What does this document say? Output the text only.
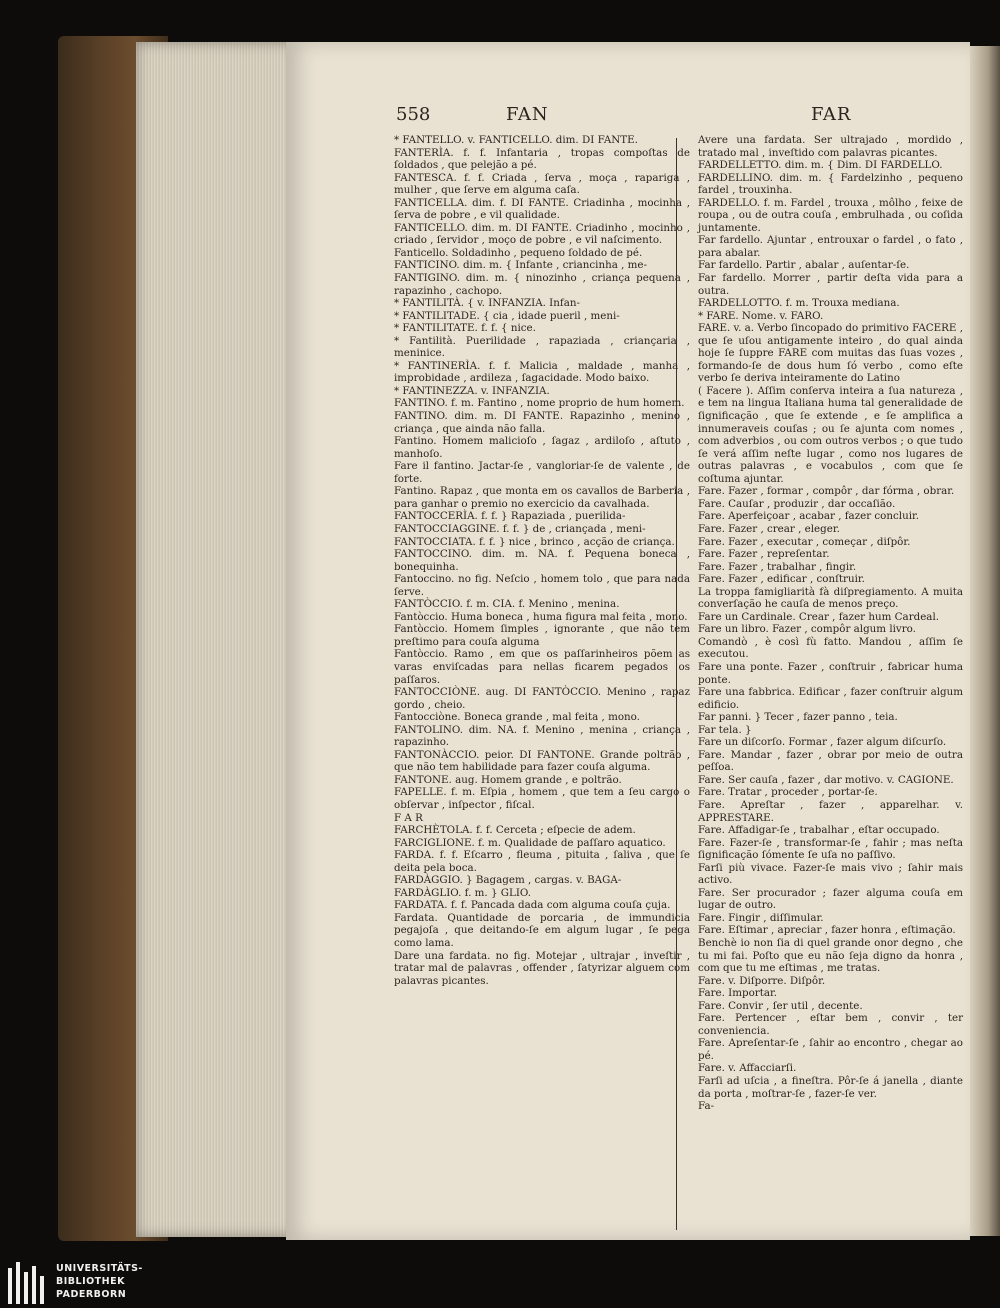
558	FAN	FAR

* FANTELLO. v. FANTICELLO. dim. DI FANTE.

FANTERÌA. f. f. Infantaria , tropas compoſtas de ſoldados , que pelejão a pé.

FANTESCA. f. f. Criada , ſerva , moça , rapariga , mulher , que ſerve em alguma caſa.

FANTICELLA. dim. f. DI FANTE. Criadinha , mocinha , ſerva de pobre , e vil qualidade.

FANTICELLO. dim. m. DI FANTE. Criadinho , mocinho , criado , ſervidor , moço de pobre , e vil naſcimento.

Fanticello. Soldadinho , pequeno ſoldado de pé.

FANTICINO. dim. m. { Infante , criancinha , me-

FANTIGINO. dim. m. { ninozinho , criança pequena , rapazinho , cachopo.

* FANTILITÀ. { v. INFANZIA. Infan-

* FANTILITADE. { cia , idade pueril , meni-

* FANTILITATE. f. f. { nice.

* Fantilità. Puerilidade , rapaziada , criançaria , meninice.

* FANTINERÌA. f. f. Malicia , maldade , manha , improbidade , ardileza , ſagacidade. Modo baixo.

* FANTINEZZA. v. INFANZIA.

FANTINO. f. m. Fantino , nome proprio de hum homem.

FANTINO. dim. m. DI FANTE. Rapazinho , menino , criança , que ainda não falla.

Fantino. Homem malicioſo , ſagaz , ardiloſo , aſtuto , manhoſo.

Fare il fantino. Jactar-ſe , vangloriar-ſe de valente , de forte.

Fantino. Rapaz , que monta em os cavallos de Barberia , para ganhar o premio no exercicio da cavalhada.

FANTOCCERÌA. f. f. } Rapaziada , puerilida-

FANTOCCIAGGINE. f. f. } de , criançada , meni-

FANTOCCIATA. f. f. } nice , brinco , acção de criança.

FANTOCCINO. dim. m. NA. f. Pequena boneca , bonequinha.

Fantoccino. no fig. Neſcio , homem tolo , que para nada ſerve.

FANTÒCCIO. f. m. CIA. f. Menino , menina.

Fantòccio. Huma boneca , huma figura mal feita , mono.

Fantòccio. Homem ſimples , ignorante , que não tem preſtimo para couſa alguma

Fantòccio. Ramo , em que os paſſarinheiros põem as varas enviſcadas para nellas ficarem pegados os paſſaros.

FANTOCCIÒNE. aug. DI FANTÒCCIO. Menino , rapaz gordo , cheio.

Fantocciòne. Boneca grande , mal feita , mono.

FANTOLINO. dim. NA. f. Menino , menina , criança , rapazinho.

FANTONÀCCIO. peior. DI FANTONE. Grande poltrão , que não tem habilidade para fazer couſa alguma.

FANTONE. aug. Homem grande , e poltrão.

FAPELLE. f. m. Eſpia , homem , que tem a ſeu cargo o obſervar , inſpector , fiſcal.

F A R

FARCHÈTOLA. f. f. Cerceta ; eſpecie de adem.

FARCIGLIONE. f. m. Qualidade de paſſaro aquatico.

FARDA. f. f. Eſcarro , fleuma , pituita , ſaliva , que ſe deita pela boca.

FARDÀGGIO. } Bagagem , cargas. v. BAGA-

FARDÀGLIO. f. m. } GLIO.

FARDATA. f. f. Pancada dada com alguma couſa çuja.

Fardata. Quantidade de porcaria , de immundicia pegajoſa , que deitando-ſe em algum lugar , ſe pega como lama.

Dare una fardata. no fig. Motejar , ultrajar , inveſtir , tratar mal de palavras , offender , ſatyrizar alguem com palavras picantes.

Avere una fardata. Ser ultrajado , mordido , tratado mal , inveſtido com palavras picantes.

FARDELLETTO. dim. m. { Dim. DI FARDELLO.

FARDELLINO. dim. m. { Fardelzinho , pequeno fardel , trouxinha.

FARDELLO. f. m. Fardel , trouxa , môlho , feixe de roupa , ou de outra couſa , embrulhada , ou coſida juntamente.

Far fardello. Ajuntar , entrouxar o fardel , o fato , para abalar.

Far fardello. Partir , abalar , auſentar-ſe.

Far fardello. Morrer , partir deſta vida para a outra.

FARDELLOTTO. f. m. Trouxa mediana.

* FARE. Nome. v. FARO.

FARE. v. a. Verbo ſincopado do primitivo FACERE , que ſe uſou antigamente inteiro , do qual ainda hoje ſe ſuppre FARE com muitas das ſuas vozes , formando-ſe de dous hum ſó verbo , como eſte verbo ſe deriva inteiramente do Latino

( Facere ). Aſſim conſerva inteira a ſua natureza , e tem na lingua Italiana huma tal generalidade de ſignificação , que ſe extende , e ſe amplifica a innumeraveis couſas ; ou ſe ajunta com nomes , com adverbios , ou com outros verbos ; o que tudo ſe verá aſſim neſte lugar , como nos lugares de outras palavras , e vocabulos , com que ſe coſtuma ajuntar.

Fare. Fazer , formar , compôr , dar fórma , obrar.

Fare. Cauſar , produzir , dar occaſião.

Fare. Aperfeiçoar , acabar , fazer concluir.

Fare. Fazer , crear , eleger.

Fare. Fazer , executar , começar , diſpôr.

Fare. Fazer , repreſentar.

Fare. Fazer , trabalhar , fingir.

Fare. Fazer , edificar , conſtruir.

La troppa famigliarità fà diſpregiamento. A muita converſação he cauſa de menos preço.

Fare un Cardinale. Crear , fazer hum Cardeal.

Fare un libro. Fazer , compôr algum livro.

Comandò , è così fù fatto. Mandou , aſſim ſe executou.

Fare una ponte. Fazer , conſtruir , fabricar huma ponte.

Fare una fabbrica. Edificar , fazer conſtruir algum edificio.

Far panni. } Tecer , fazer panno , teia.

Far tela. }

Fare un diſcorſo. Formar , fazer algum diſcurſo.

Fare. Mandar , fazer , obrar por meio de outra peſſoa.

Fare. Ser cauſa , fazer , dar motivo. v. CAGIONE.

Fare. Tratar , proceder , portar-ſe.

Fare. Apreſtar , fazer , apparelhar. v. APPRESTARE.

Fare. Affadigar-ſe , trabalhar , eſtar occupado.

Fare. Fazer-ſe , transformar-ſe , fahir ; mas neſta ſignificação ſómente ſe uſa no paſſivo.

Farſi più vivace. Fazer-ſe mais vivo ; ſahir mais activo.

Fare. Ser procurador ; fazer alguma couſa em lugar de outro.

Fare. Fingir , diſſimular.

Fare. Eſtimar , apreciar , fazer honra , eſtimação.

Benchè io non ſia di quel grande onor degno , che tu mi fai. Poſto que eu não ſeja digno da honra , com que tu me eſtimas , me tratas.

Fare. v. Diſporre. Diſpôr.

Fare. Importar.

Fare. Convir , ſer util , decente.

Fare. Pertencer , eſtar bem , convir , ter conveniencia.

Fare. Apreſentar-ſe , ſahir ao encontro , chegar ao pé.

Fare. v. Affacciarſi.

Farſi ad uſcia , a fineſtra. Pôr-ſe á janella , diante da porta , moſtrar-ſe , fazer-ſe ver.

Fa-

UNIVERSITÄTS-
BIBLIOTHEK
PADERBORN
